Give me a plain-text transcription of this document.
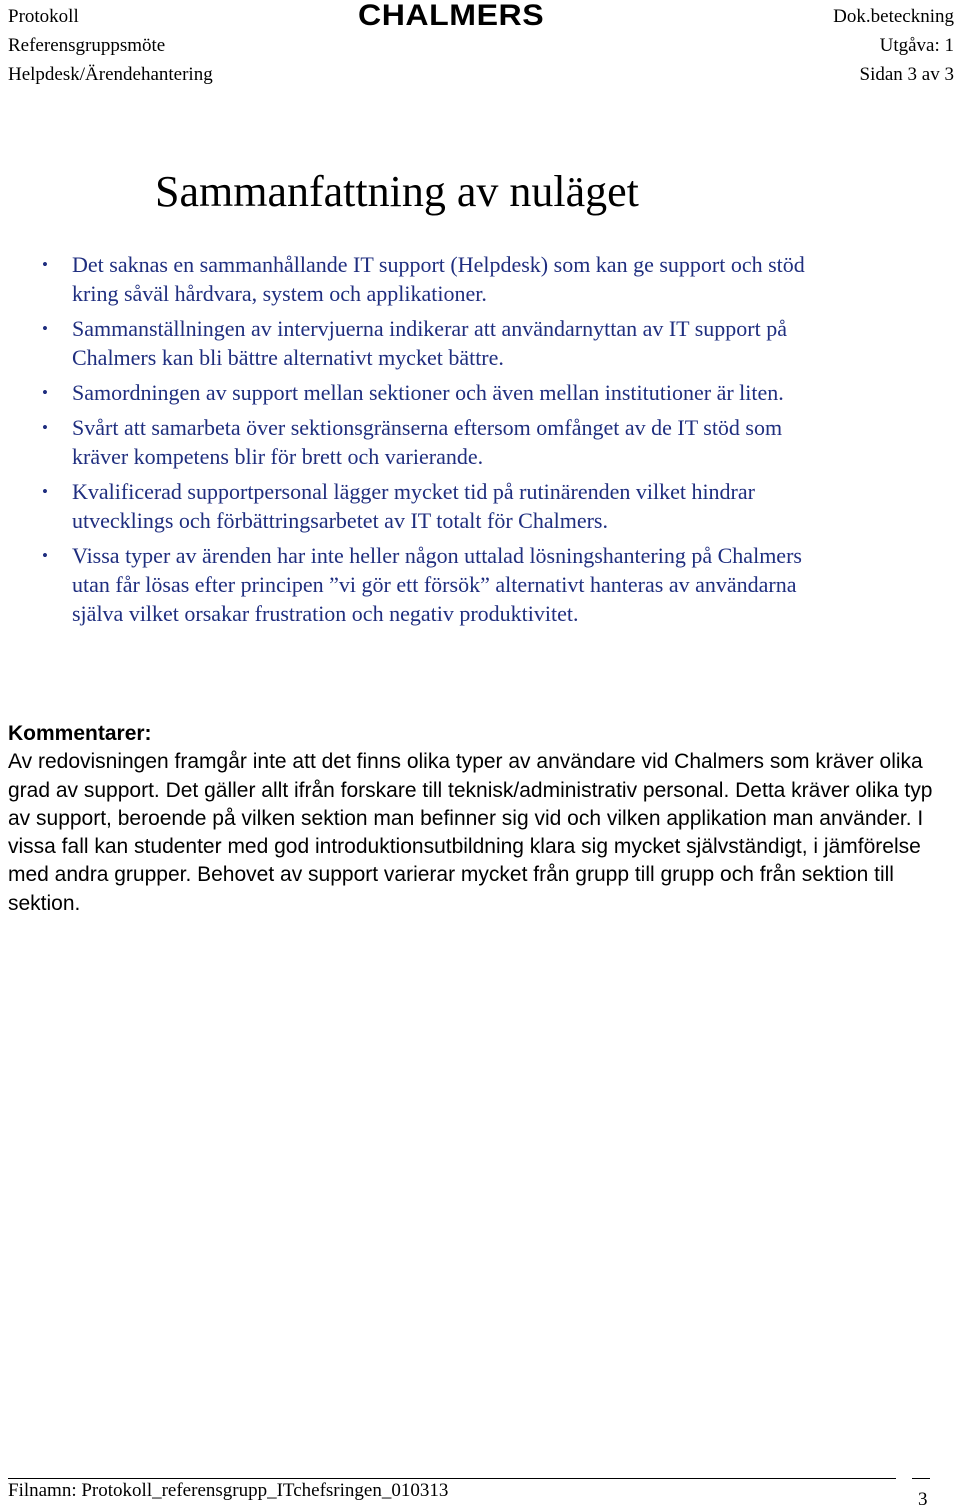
Protokoll
Referensgruppsmöte
Helpdesk/Ärendehantering
CHALMERS	Dok.beteckning
Utgåva: 1
Sidan 3 av 3
Sammanfattning av nuläget
• Det saknas en sammanhållande IT support (Helpdesk) som kan ge support och stöd kring såväl hårdvara, system och applikationer.
• Sammanställningen av intervjuerna indikerar att användarnyttan av IT support på Chalmers kan bli bättre alternativt mycket bättre.
• Samordningen av support mellan sektioner och även mellan institutioner är liten.
• Svårt att samarbeta över sektionsgränserna eftersom omfånget av de IT stöd som kräver kompetens blir för brett och varierande.
• Kvalificerad supportpersonal lägger mycket tid på rutinärenden vilket hindrar utvecklings och förbättringsarbetet av IT totalt för Chalmers.
• Vissa typer av ärenden har inte heller någon uttalad lösningshantering på Chalmers utan får lösas efter principen ”vi gör ett försök” alternativt hanteras av användarna själva vilket orsakar frustration och negativ produktivitet.
Kommentarer:
Av redovisningen framgår inte att det finns olika typer av användare vid Chalmers som kräver olika grad av support. Det gäller allt ifrån forskare till teknisk/administrativ personal. Detta kräver olika typ av support, beroende på vilken sektion man befinner sig vid och vilken applikation man använder. I vissa fall kan studenter med god introduktionsutbildning klara sig mycket självständigt, i jämförelse med andra grupper. Behovet av support varierar mycket från grupp till grupp och från sektion till sektion.
Filnamn: Protokoll_referensgrupp_ITchefsringen_010313	3
